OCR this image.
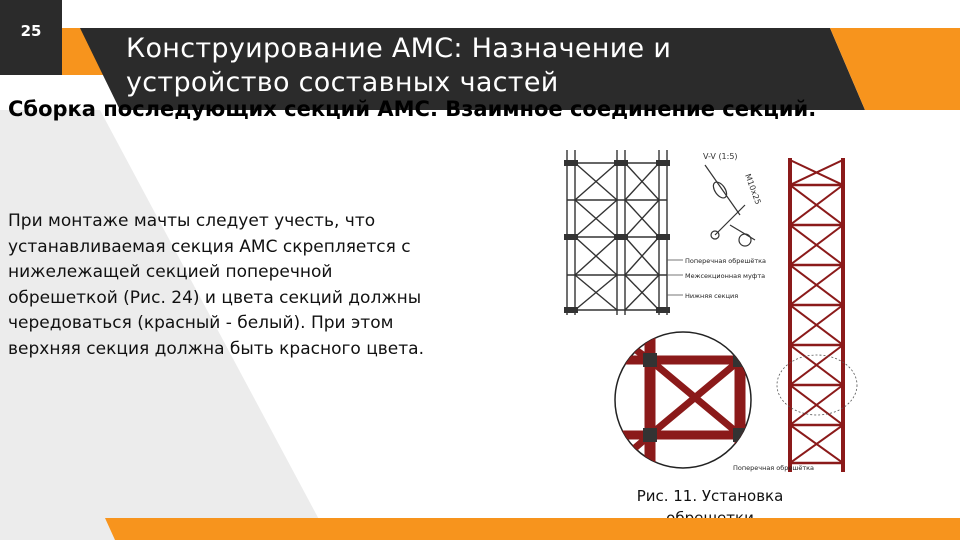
25
Конструирование АМС: Назначение и устройство составных частей
Сборка последующих секций АМС. Взаимное соединение секций.
При монтаже мачты следует учесть, что устанавливаемая секция АМС скрепляется с нижележащей секцией поперечной обрешеткой (Рис. 24) и цвета секций должны чередоваться (красный - белый). При этом верхняя секция должна быть красного цвета.
V-V (1:5)
M10x25
Поперечная обрешётка
Межсекционная муфта
Нижняя секция
Поперечная обрешётка
Рис. 11. Установка
